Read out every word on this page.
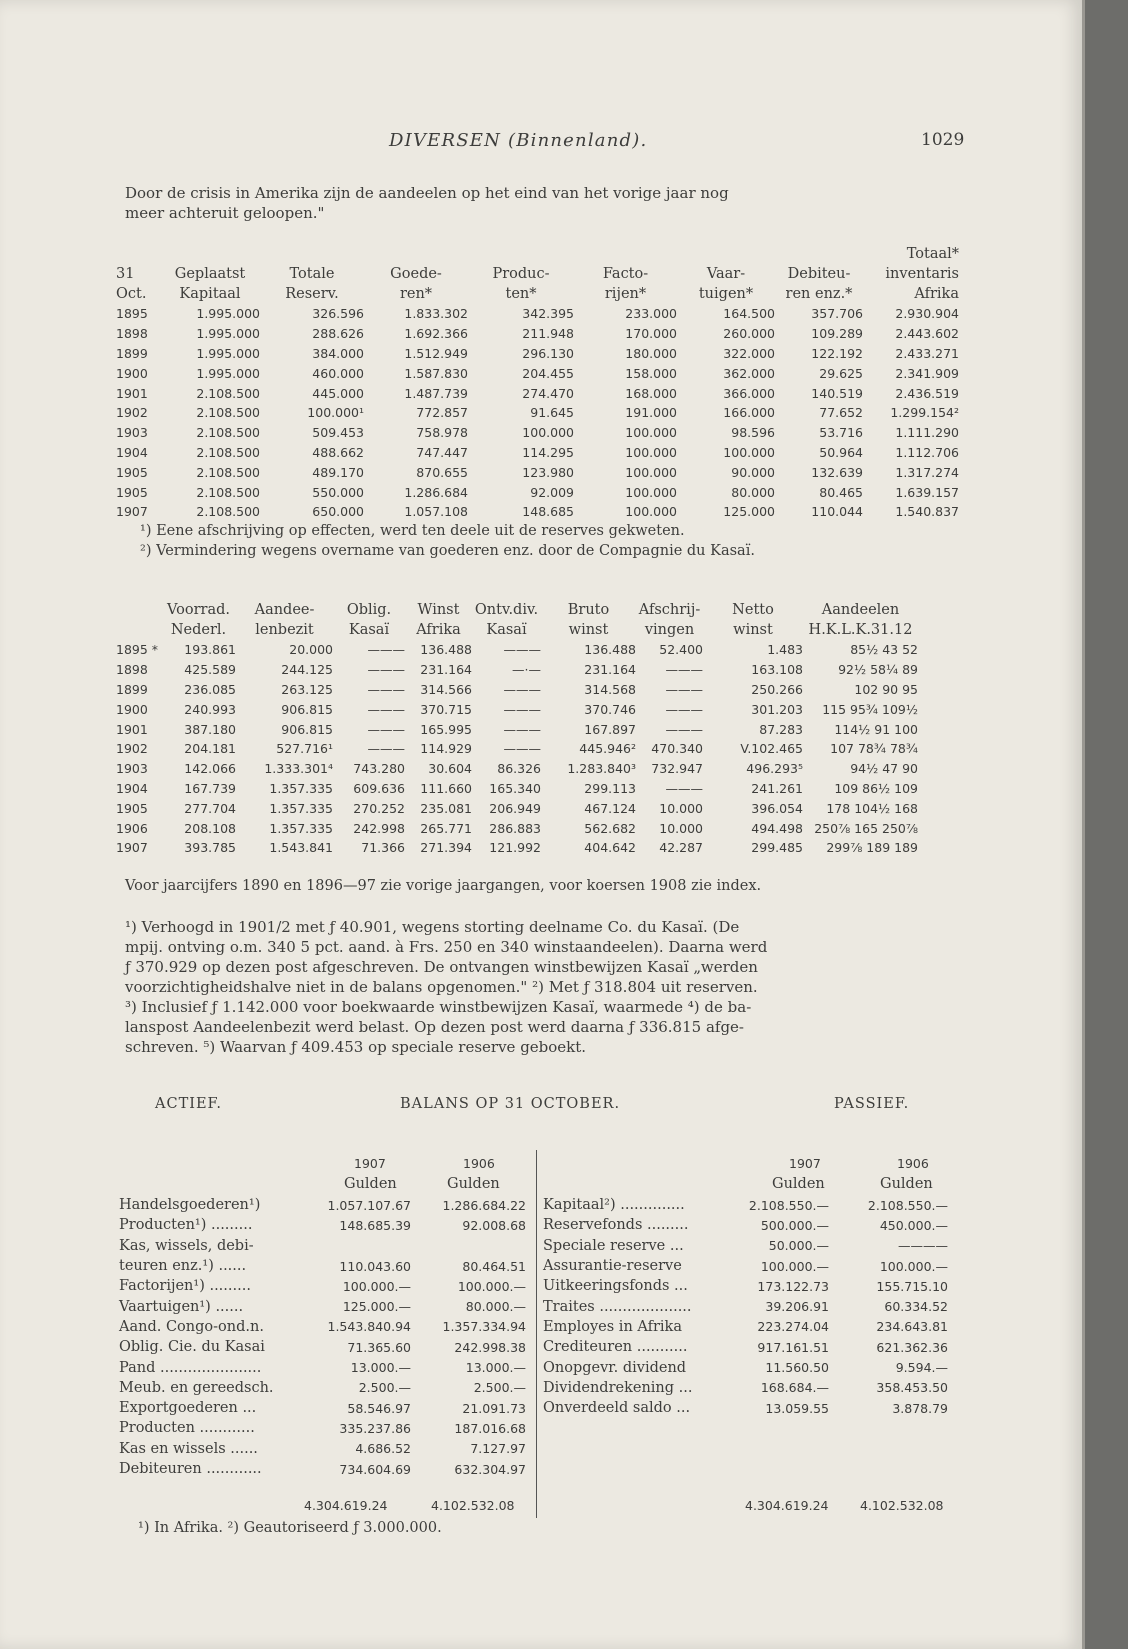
DIVERSEN (Binnenland).	1029

Door de crisis in Amerika zijn de aandeelen op het eind van het vorige jaar nog

meer achteruit geloopen."

								Totaal*
31	Geplaatst	Totale	Goede-	Produc-	Facto-	Vaar-	Debiteu-	inventaris
Oct.	Kapitaal	Reserv.	ren*	ten*	rijen*	tuigen*	ren enz.*	Afrika
1895	1.995.000	326.596	1.833.302	342.395	233.000	164.500	357.706	2.930.904
1898	1.995.000	288.626	1.692.366	211.948	170.000	260.000	109.289	2.443.602
1899	1.995.000	384.000	1.512.949	296.130	180.000	322.000	122.192	2.433.271
1900	1.995.000	460.000	1.587.830	204.455	158.000	362.000	29.625	2.341.909
1901	2.108.500	445.000	1.487.739	274.470	168.000	366.000	140.519	2.436.519
1902	2.108.500	100.000¹	772.857	91.645	191.000	166.000	77.652	1.299.154²
1903	2.108.500	509.453	758.978	100.000	100.000	98.596	53.716	1.111.290
1904	2.108.500	488.662	747.447	114.295	100.000	100.000	50.964	1.112.706
1905	2.108.500	489.170	870.655	123.980	100.000	90.000	132.639	1.317.274
1905	2.108.500	550.000	1.286.684	92.009	100.000	80.000	80.465	1.639.157
1907	2.108.500	650.000	1.057.108	148.685	100.000	125.000	110.044	1.540.837
¹) Eene afschrijving op effecten, werd ten deele uit de reserves gekweten.
²) Vermindering wegens overname van goederen enz. door de Compagnie du Kasaï.
	Voorrad.	Aandee-	Oblig.	Winst	Ontv.div.	Bruto	Afschrij-	Netto	Aandeelen
	Nederl.	lenbezit	Kasaï	Afrika	Kasaï	winst	vingen	winst	H.K.L.K.31.12
1895 *	193.861	20.000	———	136.488	———	136.488	52.400	1.483	85½ 43 52
1898	425.589	244.125	———	231.164	—·—	231.164	———	163.108	92½ 58¼ 89
1899	236.085	263.125	———	314.566	———	314.568	———	250.266	102 90 95
1900	240.993	906.815	———	370.715	———	370.746	———	301.203	115 95¾ 109½
1901	387.180	906.815	———	165.995	———	167.897	———	87.283	114½ 91 100
1902	204.181	527.716¹	———	114.929	———	445.946²	470.340	V.102.465	107 78¾ 78¾
1903	142.066	1.333.301⁴	743.280	30.604	86.326	1.283.840³	732.947	496.293⁵	94½ 47 90
1904	167.739	1.357.335	609.636	111.660	165.340	299.113	———	241.261	109 86½ 109
1905	277.704	1.357.335	270.252	235.081	206.949	467.124	10.000	396.054	178 104½ 168
1906	208.108	1.357.335	242.998	265.771	286.883	562.682	10.000	494.498	250⅞ 165 250⅞
1907	393.785	1.543.841	71.366	271.394	121.992	404.642	42.287	299.485	299⅞ 189 189
Voor jaarcijfers 1890 en 1896—97 zie vorige jaargangen, voor koersen 1908 zie index.

¹) Verhoogd in 1901/2 met ƒ 40.901, wegens storting deelname Co. du Kasaï. (De

mpij. ontving o.m. 340 5 pct. aand. à Frs. 250 en 340 winstaandeelen). Daarna werd

ƒ 370.929 op dezen post afgeschreven. De ontvangen winstbewijzen Kasaï „werden

voorzichtigheidshalve niet in de balans opgenomen." ²) Met ƒ 318.804 uit reserven.

³) Inclusief ƒ 1.142.000 voor boekwaarde winstbewijzen Kasaï, waarmede ⁴) de ba-

lanspost Aandeelenbezit werd belast. Op dezen post werd daarna ƒ 336.815 afge-

schreven. ⁵) Waarvan ƒ 409.453 op speciale reserve geboekt.

ACTIEF.	BALANS OP 31 OCTOBER.	PASSIEF.
1907	1906
Gulden	Gulden
1907	1906
Gulden	Gulden
Handelsgoederen¹)	1.057.107.67	1.286.684.22
Producten¹) .........	148.685.39	92.008.68
Kas, wissels, debi-		
teuren enz.¹) ......	110.043.60	80.464.51
Factorijen¹) .........	100.000.—	100.000.—
Vaartuigen¹) ......	125.000.—	80.000.—
Aand. Congo-ond.n.	1.543.840.94	1.357.334.94
Oblig. Cie. du Kasai	71.365.60	242.998.38
Pand ......................	13.000.—	13.000.—
Meub. en gereedsch.	2.500.—	2.500.—
Exportgoederen ...	58.546.97	21.091.73
Producten ............	335.237.86	187.016.68
Kas en wissels ......	4.686.52	7.127.97
Debiteuren ............	734.604.69	632.304.97
Kapitaal²) ..............	2.108.550.—	2.108.550.—
Reservefonds .........	500.000.—	450.000.—
Speciale reserve ...	50.000.—	————
Assurantie-reserve	100.000.—	100.000.—
Uitkeeringsfonds ...	173.122.73	155.715.10
Traites ....................	39.206.91	60.334.52
Employes in Afrika	223.274.04	234.643.81
Crediteuren ...........	917.161.51	621.362.36
Onopgevr. dividend	11.560.50	9.594.—
Dividendrekening ...	168.684.—	358.453.50
Onverdeeld saldo ...	13.059.55	3.878.79
4.304.619.24	4.102.532.08	4.304.619.24	4.102.532.08
¹) In Afrika. ²) Geautoriseerd ƒ 3.000.000.
